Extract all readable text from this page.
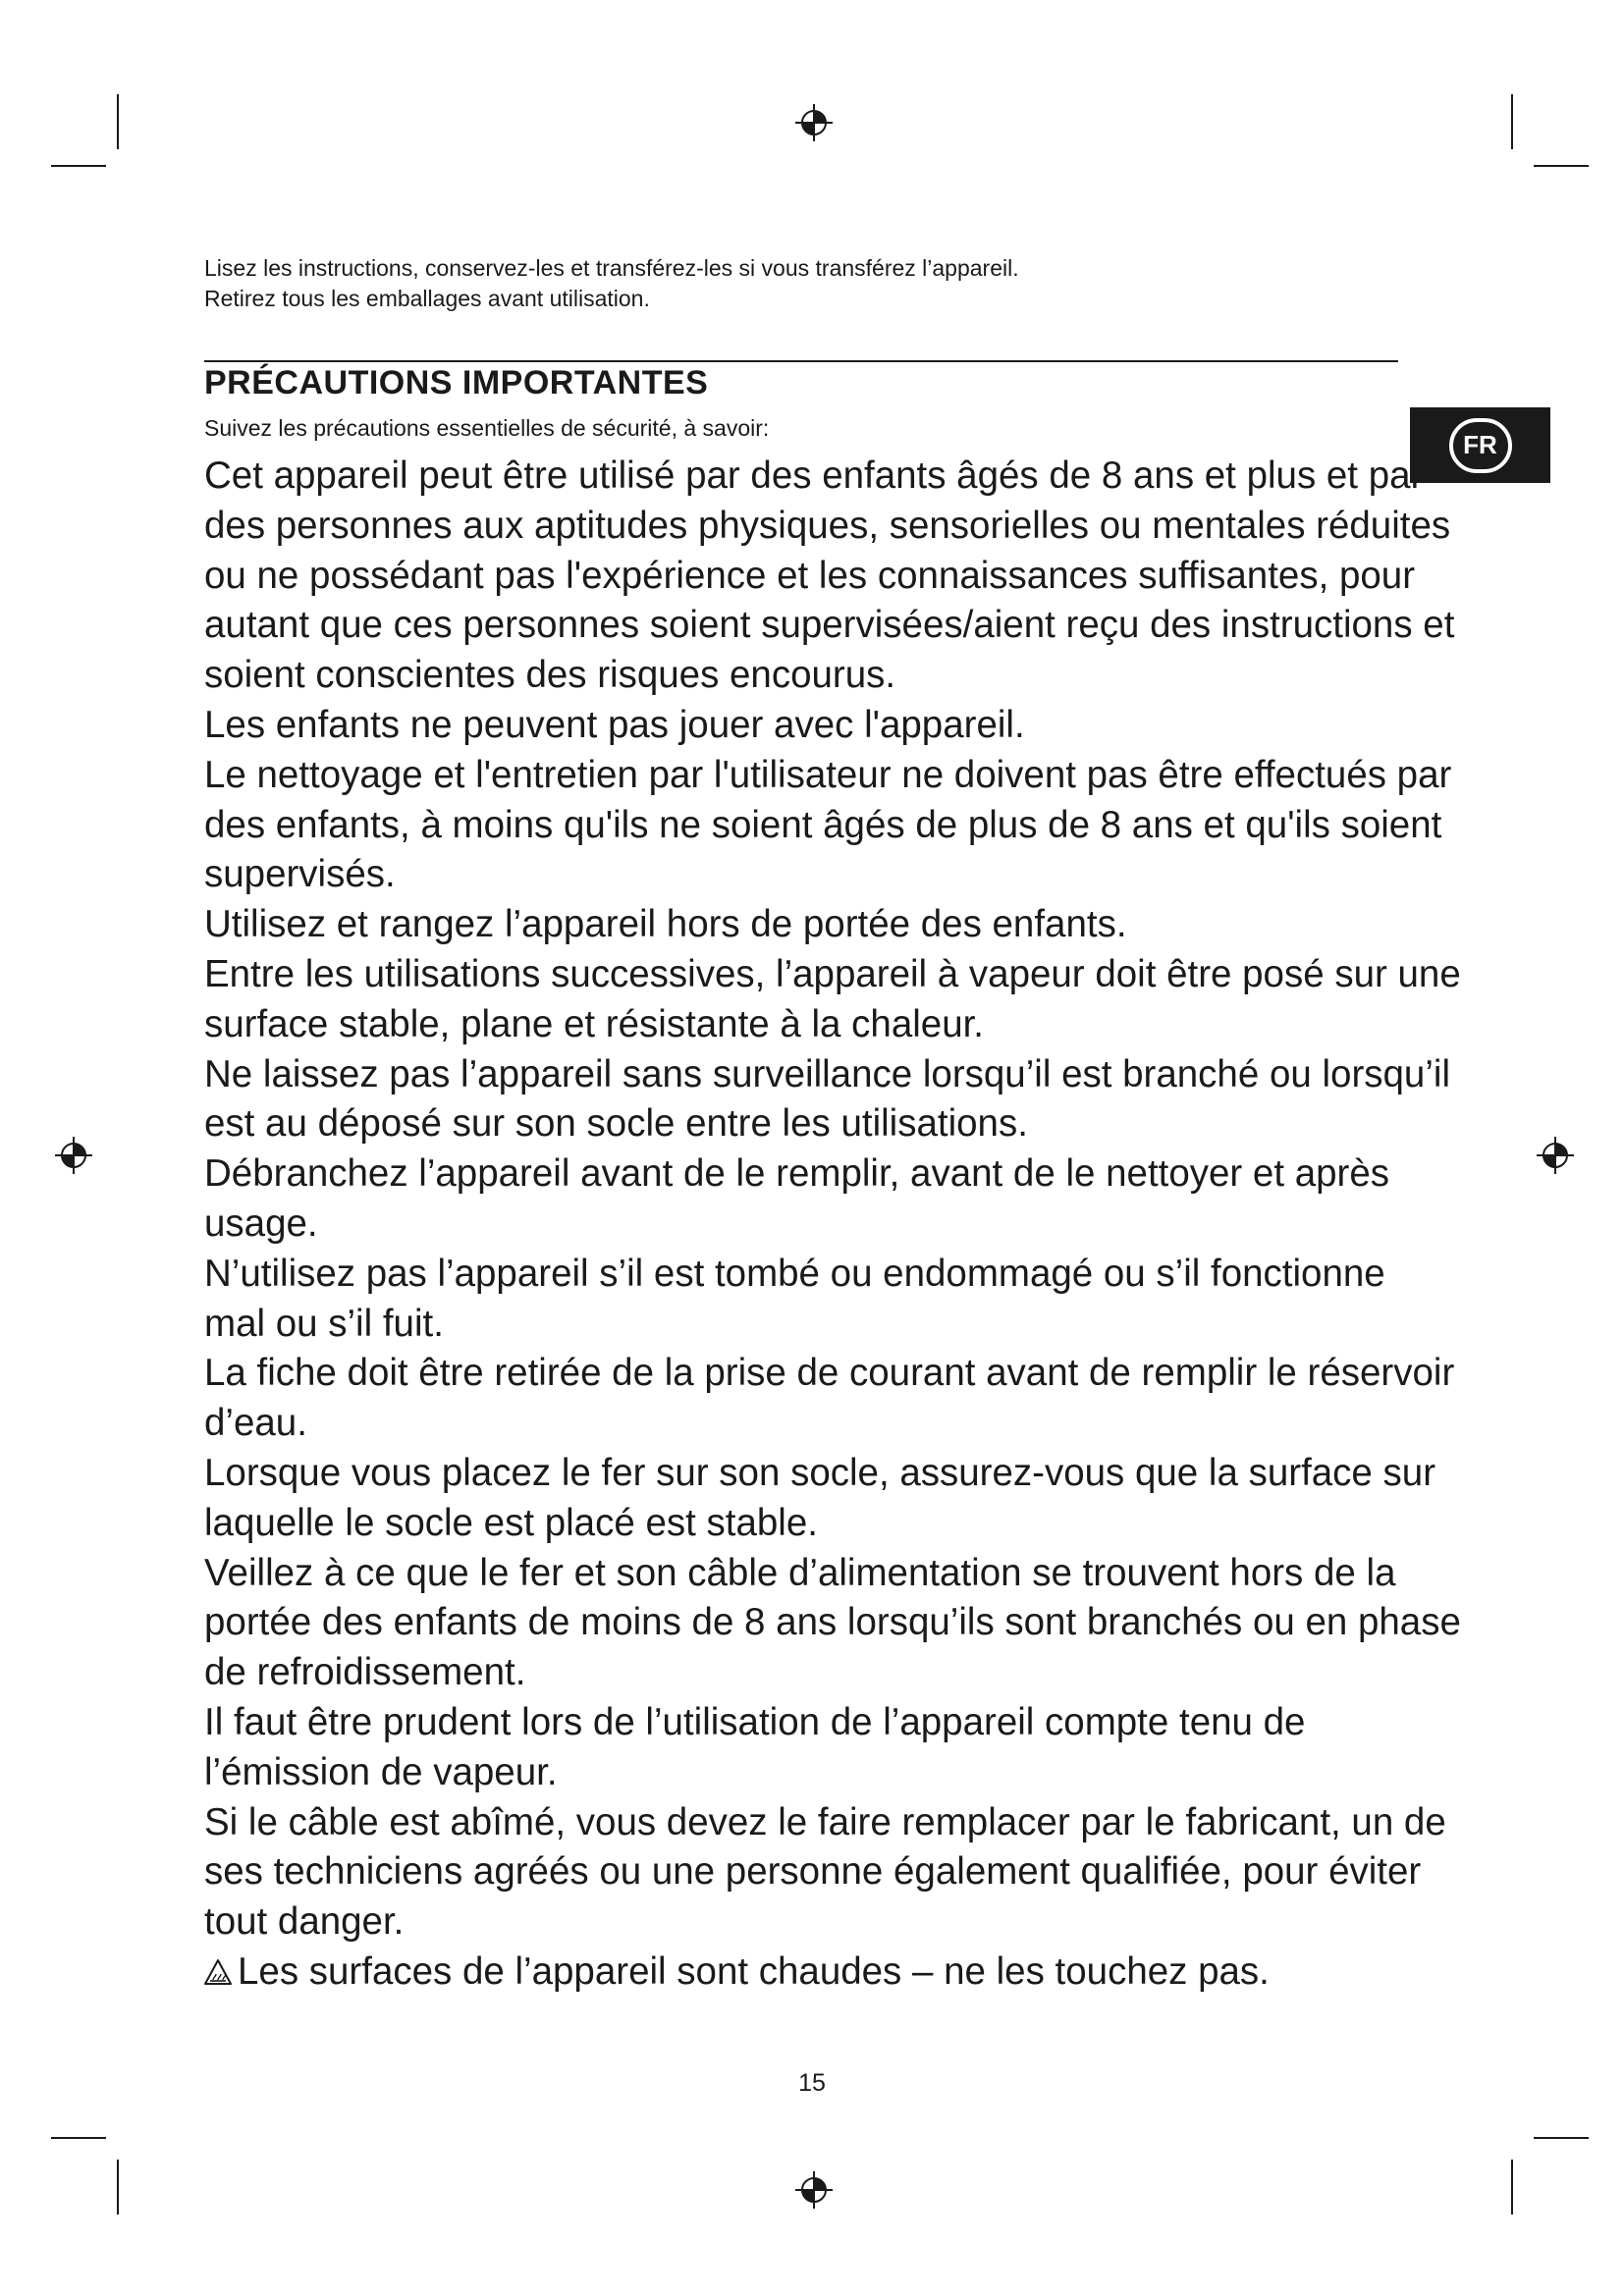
Lisez les instructions, conservez-les et transférez-les si vous transférez l’appareil.

Retirez tous les emballages avant utilisation.

PRÉCAUTIONS IMPORTANTES

Suivez les précautions essentielles de sécurité, à savoir:

FR
Cet appareil peut être utilisé par des enfants âgés de 8 ans et plus et par
des personnes aux aptitudes physiques, sensorielles ou mentales réduites
ou ne possédant pas l'expérience et les connaissances suffisantes, pour
autant que ces personnes soient supervisées/aient reçu des instructions et
soient conscientes des risques encourus.
Les enfants ne peuvent pas jouer avec l'appareil.
Le nettoyage et l'entretien par l'utilisateur ne doivent pas être effectués par
des enfants, à moins qu'ils ne soient âgés de plus de 8 ans et qu'ils soient
supervisés.
Utilisez et rangez l’appareil hors de portée des enfants.
Entre les utilisations successives, l’appareil à vapeur doit être posé sur une
surface stable, plane et résistante à la chaleur.
Ne laissez pas l’appareil sans surveillance lorsqu’il est branché ou lorsqu’il
est au déposé sur son socle entre les utilisations.
Débranchez l’appareil avant de le remplir, avant de le nettoyer et après
usage.
N’utilisez pas l’appareil s’il est tombé ou endommagé ou s’il fonctionne
mal ou s’il fuit.
La fiche doit être retirée de la prise de courant avant de remplir le réservoir
d’eau.
Lorsque vous placez le fer sur son socle, assurez-vous que la surface sur
laquelle le socle est placé est stable.
Veillez à ce que le fer et son câble d’alimentation se trouvent hors de la
portée des enfants de moins de 8 ans lorsqu’ils sont branchés ou en phase
de refroidissement.
Il faut être prudent lors de l’utilisation de l’appareil compte tenu de
l’émission de vapeur.
Si le câble est abîmé, vous devez le faire remplacer par le fabricant, un de
ses techniciens agréés ou une personne également qualifiée, pour éviter
tout danger.
Les surfaces de l’appareil sont chaudes – ne les touchez pas.
15
